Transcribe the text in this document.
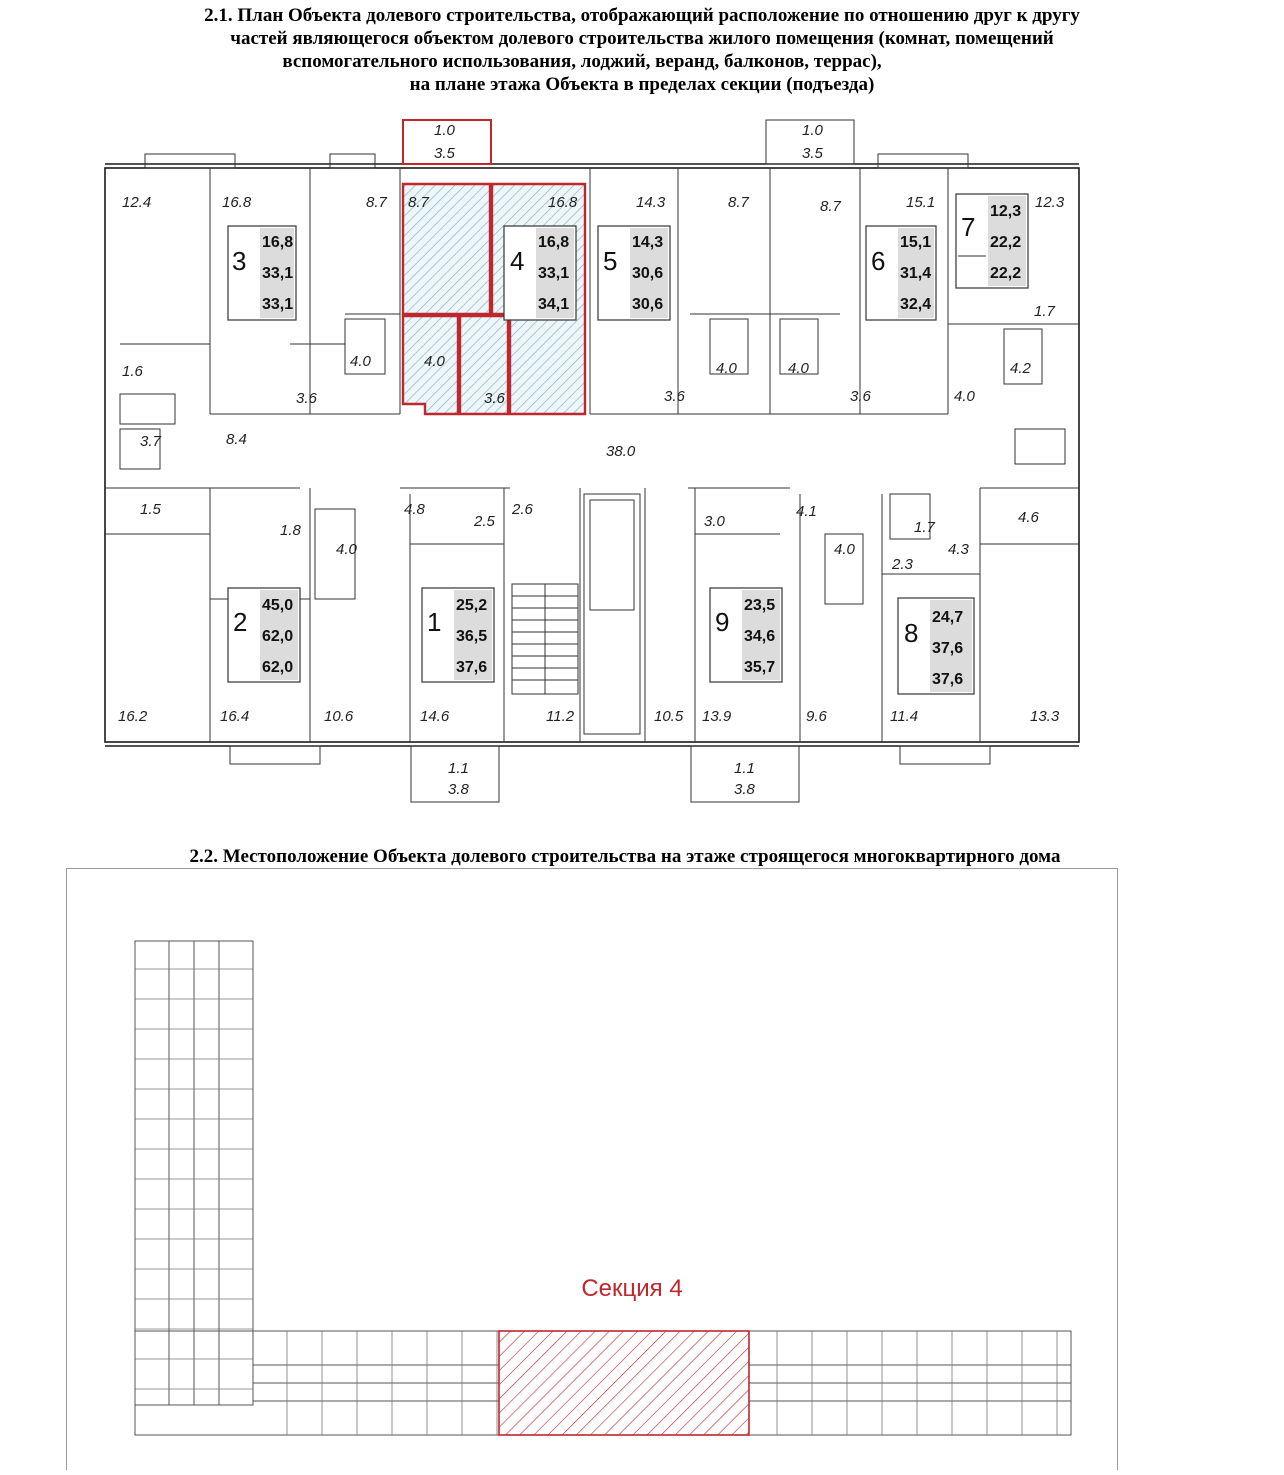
2.1. План Объекта долевого строительства, отображающий расположение по отношению друг к другу
частей являющегося объектом долевого строительства жилого помещения (комнат, помещений
вспомогательного использования, лоджий, веранд, балконов, террас),
на плане этажа Объекта в пределах секции (подъезда)
12.4	16.8	8.7 8.7	16.8	14.3	8.7	8.7	15.1	12.3
1.6
3.7
1.5
8.4
3.6
4.0	4.0
3.6
38.0
3.6
4.0	4.0
3.6	4.0
4.2
1.7
1.8
4.0
4.8
2.5
2.6
3.0
4.1
4.0
1.7
4.3
2.3
4.6
16.2	16.4	10.6	14.6	11.2	10.5 13.9	9.6	11.4	13.3
1.0
3.5
1.0
3.5
1.1
3.8
1.1
3.8
3
16,8
33,1
33,1
4
16,8
33,1
34,1
5
14,3
30,6
30,6
6
15,1
31,4
32,4
7
12,3
22,2
22,2
2
45,0
62,0
62,0
1
25,2
36,5
37,6
9
23,5
34,6
35,7
8
24,7
37,6
37,6
2.2. Местоположение Объекта долевого строительства на этаже строящегося многоквартирного дома
Секция 4
